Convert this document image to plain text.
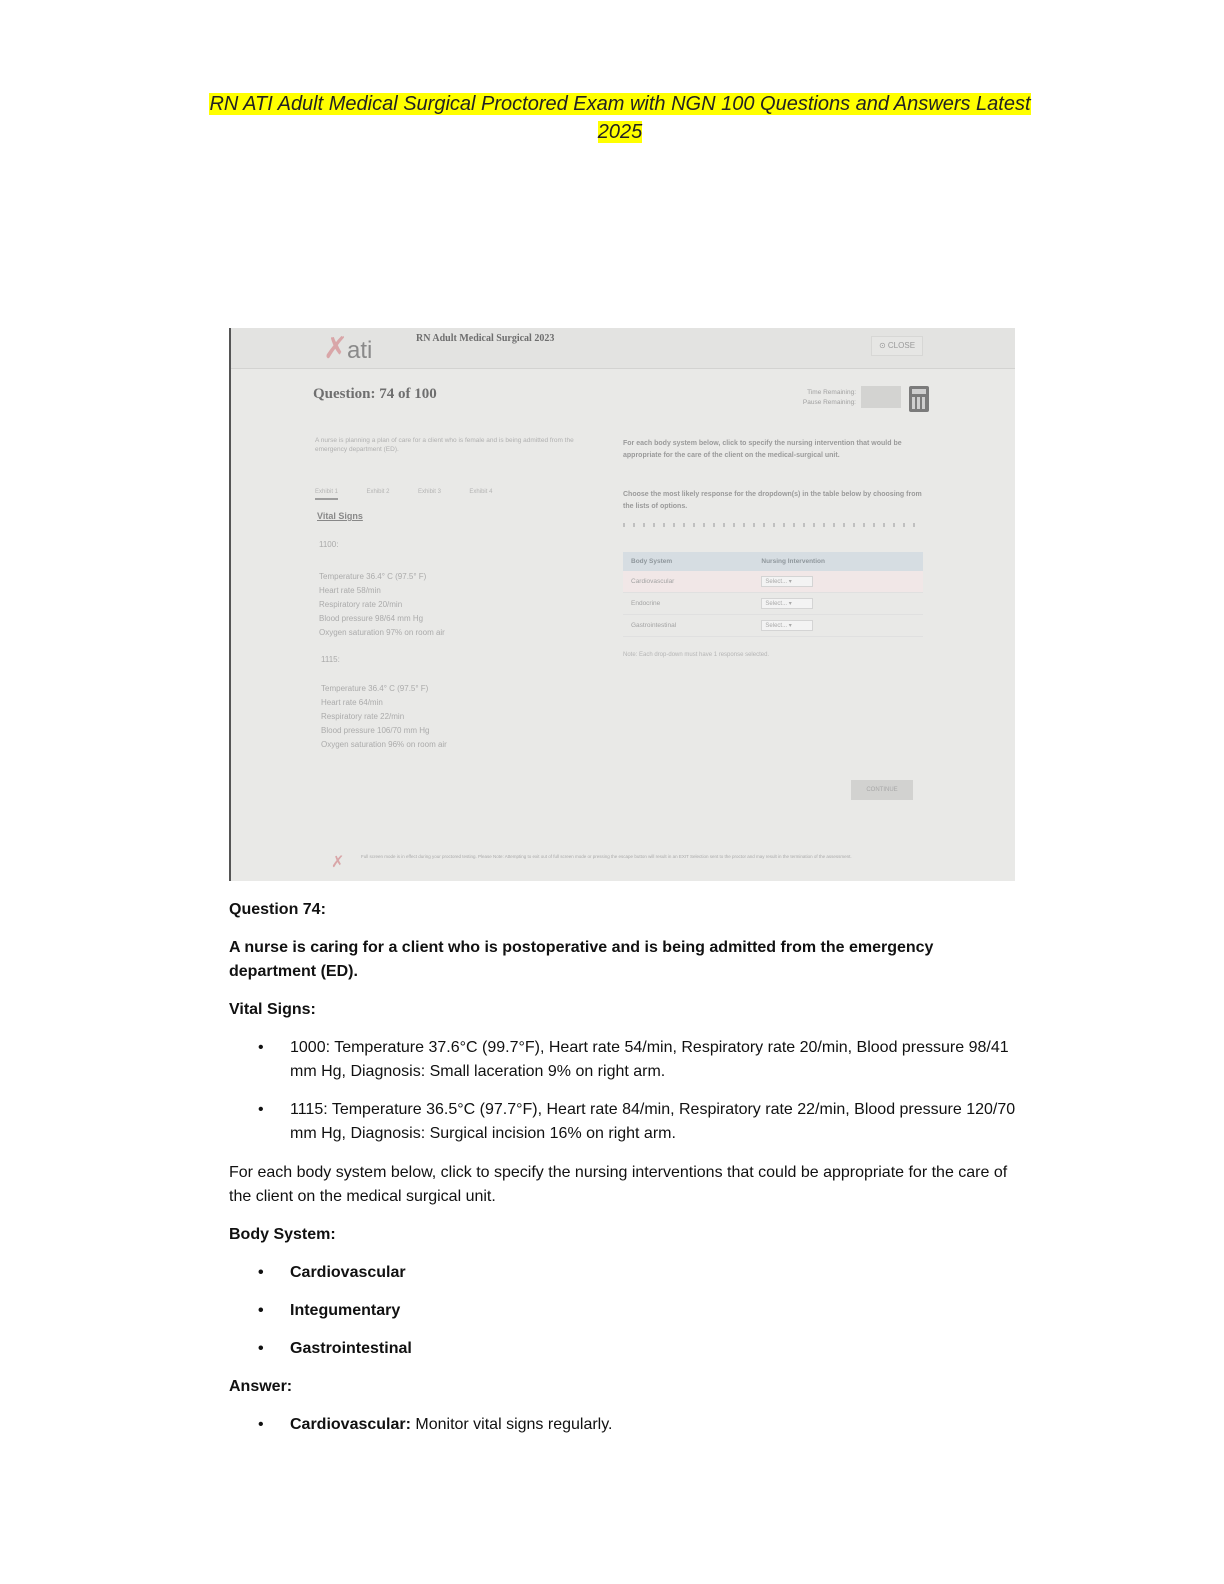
RN ATI Adult Medical Surgical Proctored Exam with NGN 100 Questions and Answers Latest 2025
✗
ati	RN Adult Medical Surgical 2023
⊙ CLOSE
Question: 74 of 100	Time Remaining:
Pause Remaining:
A nurse is planning a plan of care for a client who is female and is being admitted from the emergency department (ED).
Exhibit 1	Exhibit 2	Exhibit 3	Exhibit 4
Vital Signs
1100:
Temperature 36.4° C (97.5° F)
Heart rate 58/min
Respiratory rate 20/min
Blood pressure 98/64 mm Hg
Oxygen saturation 97% on room air
1115:
Temperature 36.4° C (97.5° F)
Heart rate 64/min
Respiratory rate 22/min
Blood pressure 106/70 mm Hg
Oxygen saturation 96% on room air
For each body system below, click to specify the nursing intervention that would be appropriate for the care of the client on the medical-surgical unit.
Choose the most likely response for the dropdown(s) in the table below by choosing from the lists of options.
Body System	Nursing Intervention
Cardiovascular	Select... ▾
Endocrine	Select... ▾
Gastrointestinal	Select... ▾
Note: Each drop-down must have 1 response selected.
CONTINUE
✗	Full screen mode is in effect during your proctored testing. Please Note: Attempting to exit out of full screen mode or pressing the escape button will result in an EXIT Selection sent to the proctor and may result in the termination of the assessment.
Question 74:
A nurse is caring for a client who is postoperative and is being admitted from the emergency department (ED).
Vital Signs:
• 1000: Temperature 37.6°C (99.7°F), Heart rate 54/min, Respiratory rate 20/min, Blood pressure 98/41 mm Hg, Diagnosis: Small laceration 9% on right arm.
• 1115: Temperature 36.5°C (97.7°F), Heart rate 84/min, Respiratory rate 22/min, Blood pressure 120/70 mm Hg, Diagnosis: Surgical incision 16% on right arm.
For each body system below, click to specify the nursing interventions that could be appropriate for the care of the client on the medical surgical unit.
Body System:
• Cardiovascular
• Integumentary
• Gastrointestinal
Answer:
• Cardiovascular: Monitor vital signs regularly.
